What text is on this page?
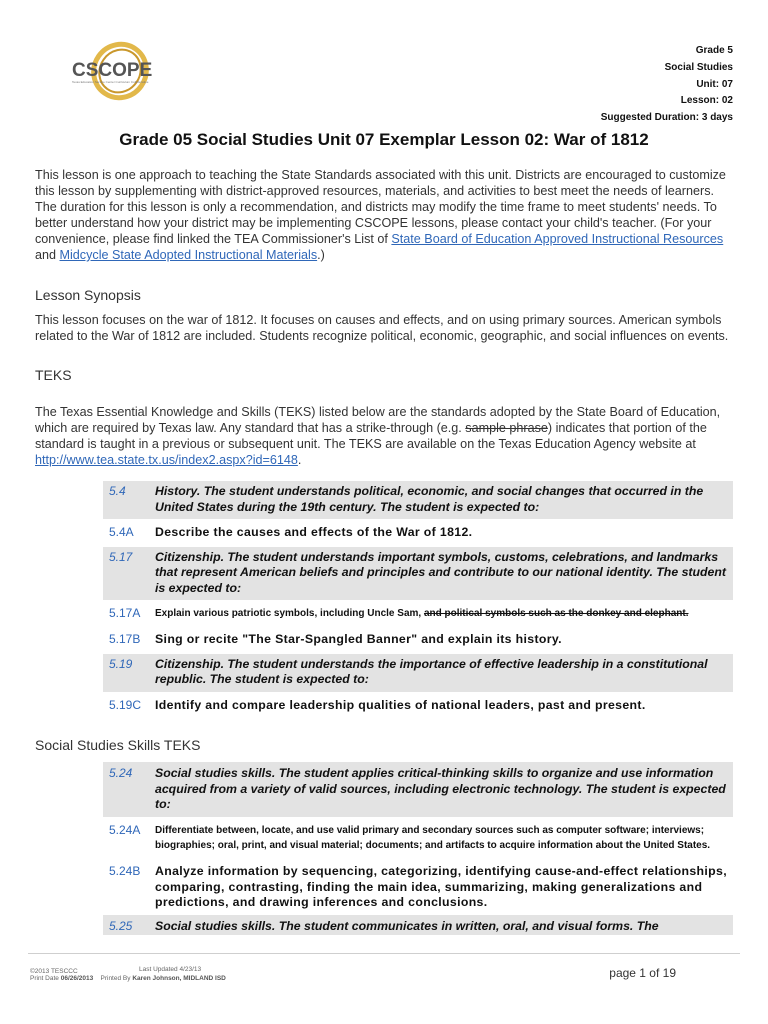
CSCOPE
Texas Education Service Center Curriculum Collaborative
Grade 5
Social Studies
Unit: 07
Lesson: 02
Suggested Duration: 3 days
Grade 05 Social Studies Unit 07 Exemplar Lesson 02: War of 1812
This lesson is one approach to teaching the State Standards associated with this unit. Districts are encouraged to customize this lesson by supplementing with district-approved resources, materials, and activities to best meet the needs of learners. The duration for this lesson is only a recommendation, and districts may modify the time frame to meet students' needs. To better understand how your district may be implementing CSCOPE lessons, please contact your child's teacher. (For your convenience, please find linked the TEA Commissioner's List of State Board of Education Approved Instructional Resources and Midcycle State Adopted Instructional Materials.)
Lesson Synopsis
This lesson focuses on the war of 1812. It focuses on causes and effects, and on using primary sources. American symbols related to the War of 1812 are included. Students recognize political, economic, geographic, and social influences on events.
TEKS
The Texas Essential Knowledge and Skills (TEKS) listed below are the standards adopted by the State Board of Education, which are required by Texas law. Any standard that has a strike-through (e.g. sample phrase) indicates that portion of the standard is taught in a previous or subsequent unit. The TEKS are available on the Texas Education Agency website at http://www.tea.state.tx.us/index2.aspx?id=6148.
5.4	History. The student understands political, economic, and social changes that occurred in the United States during the 19th century. The student is expected to:
5.4A	Describe the causes and effects of the War of 1812.
5.17	Citizenship. The student understands important symbols, customs, celebrations, and landmarks that represent American beliefs and principles and contribute to our national identity. The student is expected to:
5.17A	Explain various patriotic symbols, including Uncle Sam, and political symbols such as the donkey and elephant.
5.17B	Sing or recite "The Star-Spangled Banner" and explain its history.
5.19	Citizenship. The student understands the importance of effective leadership in a constitutional republic. The student is expected to:
5.19C	Identify and compare leadership qualities of national leaders, past and present.
Social Studies Skills TEKS
5.24	Social studies skills. The student applies critical-thinking skills to organize and use information acquired from a variety of valid sources, including electronic technology. The student is expected to:
5.24A	Differentiate between, locate, and use valid primary and secondary sources such as computer software; interviews; biographies; oral, print, and visual material; documents; and artifacts to acquire information about the United States.
5.24B	Analyze information by sequencing, categorizing, identifying cause-and-effect relationships, comparing, contrasting, finding the main idea, summarizing, making generalizations and predictions, and drawing inferences and conclusions.
5.25	Social studies skills. The student communicates in written, oral, and visual forms. The
©2013 TESCCC	Last Updated 4/23/13
Print Date 06/26/2013 Printed By Karen Johnson, MIDLAND ISD	page 1 of 19
